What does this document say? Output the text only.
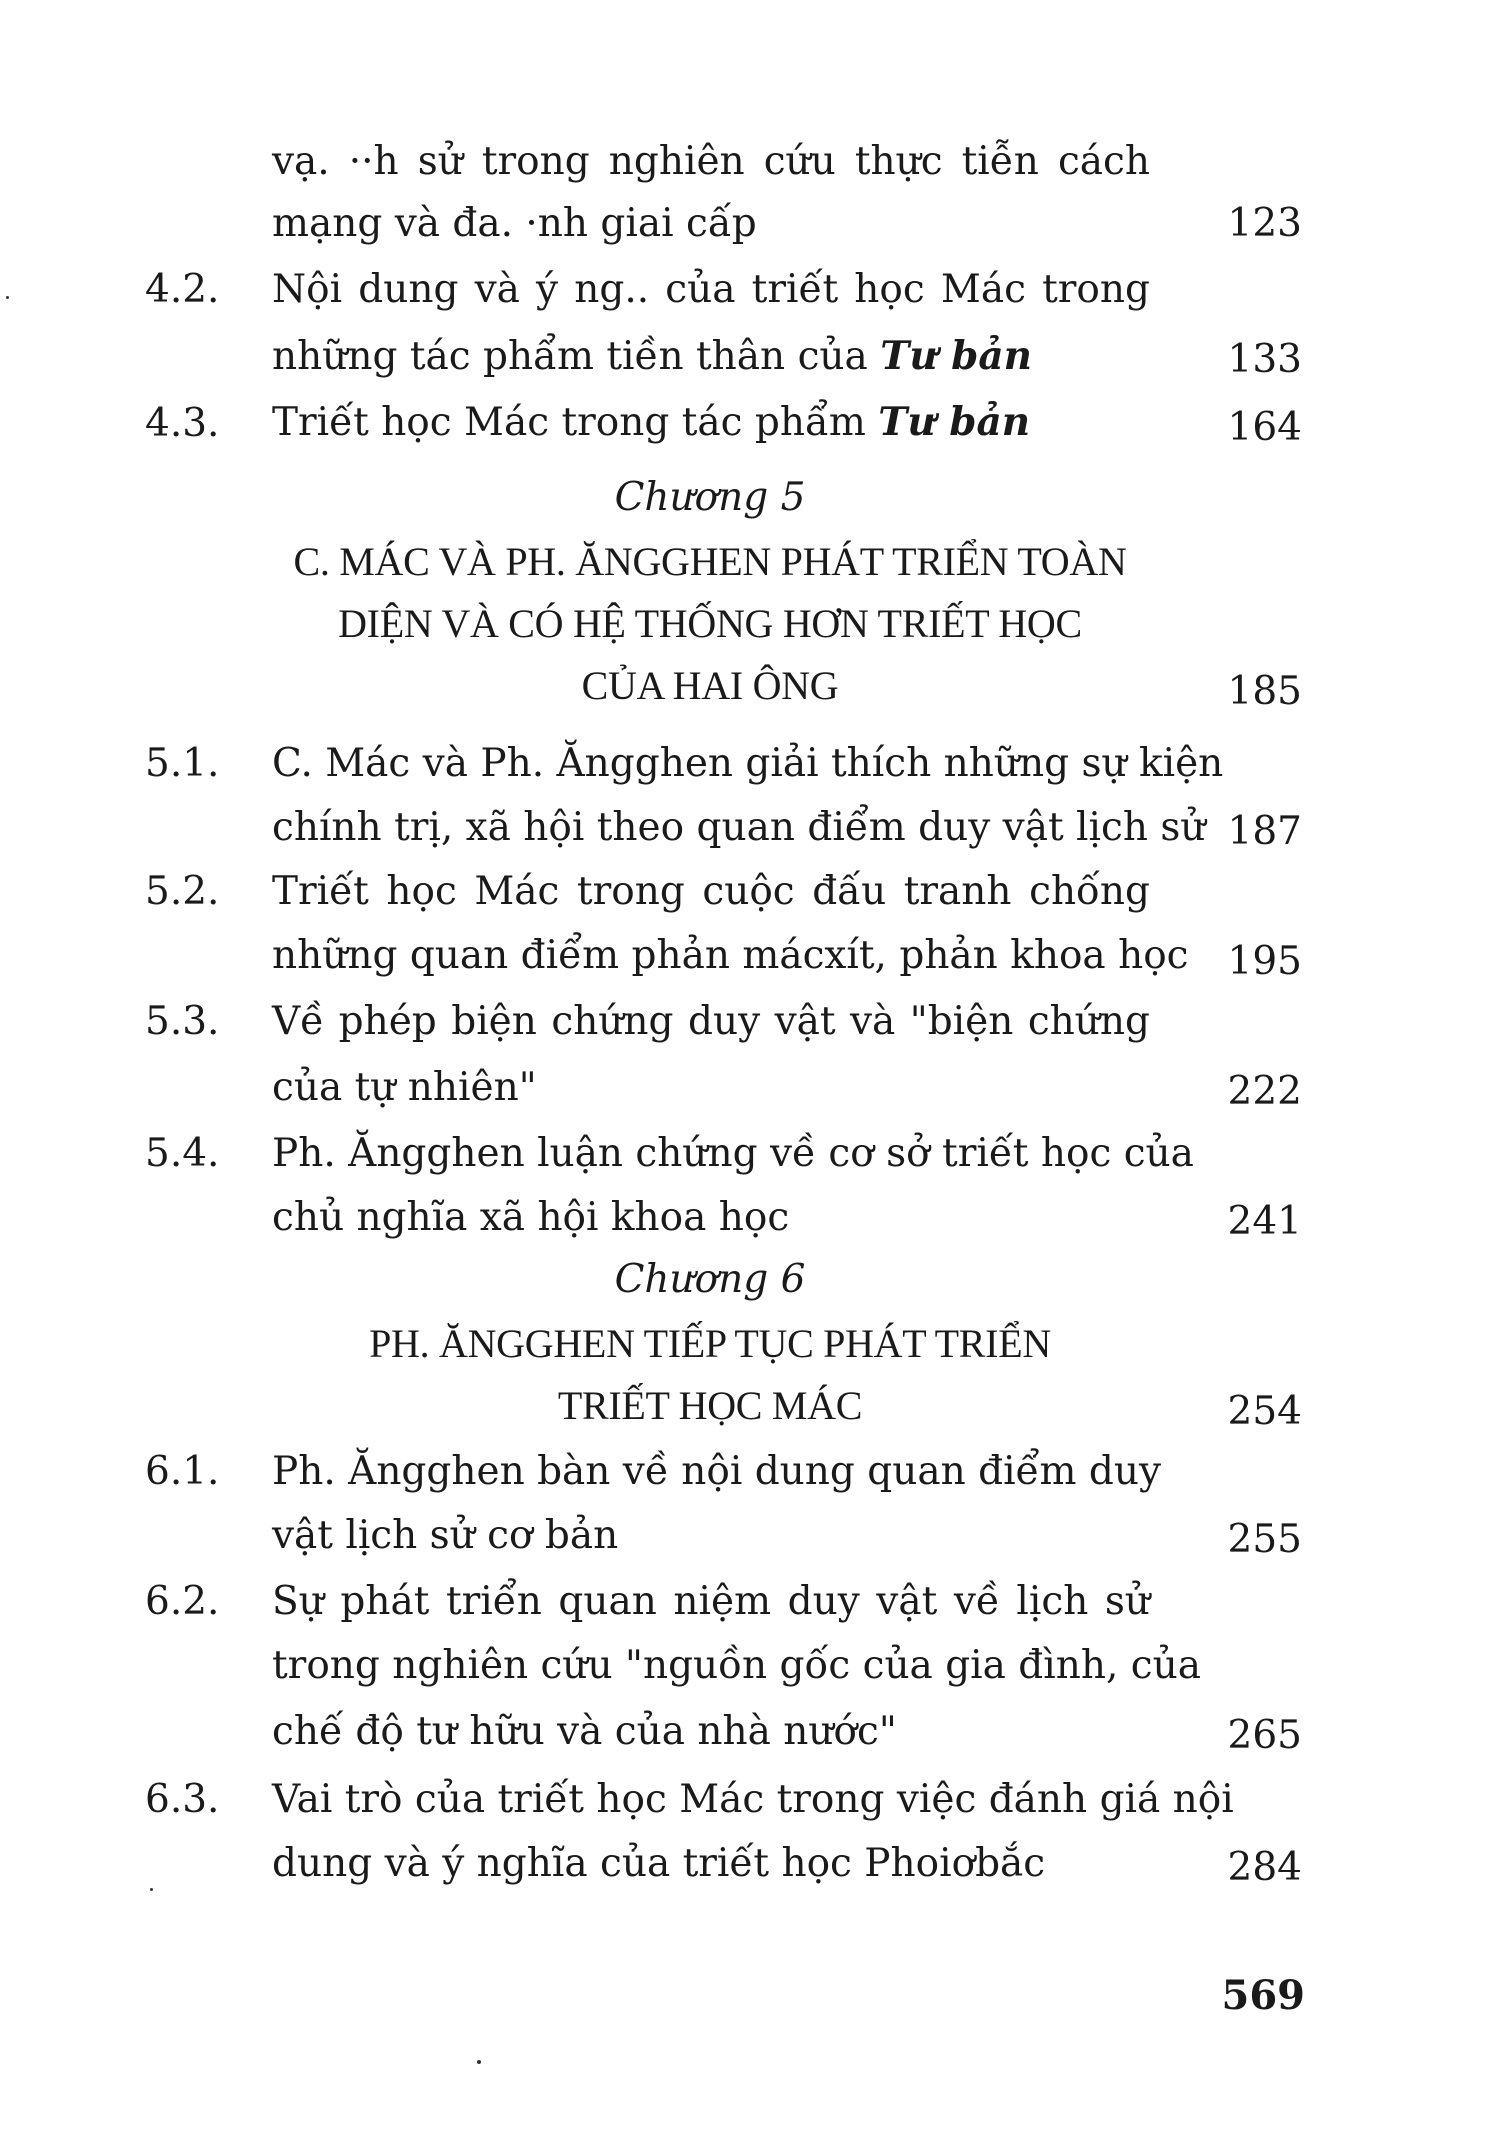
vạ. ··h sử trong nghiên cứu thực tiễn cách
mạng và đa. ·nh giai cấp	123
4.2. Nội dung và ý ng.. của triết học Mác trong
những tác phẩm tiền thân của Tư bản	133
4.3. Triết học Mác trong tác phẩm Tư bản	164
Chương 5
C. MÁC VÀ PH. ĂNGGHEN PHÁT TRIỂN TOÀN
DIỆN VÀ CÓ HỆ THỐNG HƠN TRIẾT HỌC
CỦA HAI ÔNG	185
5.1. C. Mác và Ph. Ăngghen giải thích những sự kiện
chính trị, xã hội theo quan điểm duy vật lịch sử 187
5.2. Triết học Mác trong cuộc đấu tranh chống
những quan điểm phản mácxít, phản khoa học 195
5.3. Về phép biện chứng duy vật và "biện chứng
của tự nhiên"	222
5.4. Ph. Ăngghen luận chứng về cơ sở triết học của
chủ nghĩa xã hội khoa học	241
Chương 6
PH. ĂNGGHEN TIẾP TỤC PHÁT TRIỂN
TRIẾT HỌC MÁC	254
6.1. Ph. Ăngghen bàn về nội dung quan điểm duy
vật lịch sử cơ bản	255
6.2. Sự phát triển quan niệm duy vật về lịch sử
trong nghiên cứu "nguồn gốc của gia đình, của
chế độ tư hữu và của nhà nước"	265
6.3. Vai trò của triết học Mác trong việc đánh giá nội
dung và ý nghĩa của triết học Phoiơbắc	284
569
